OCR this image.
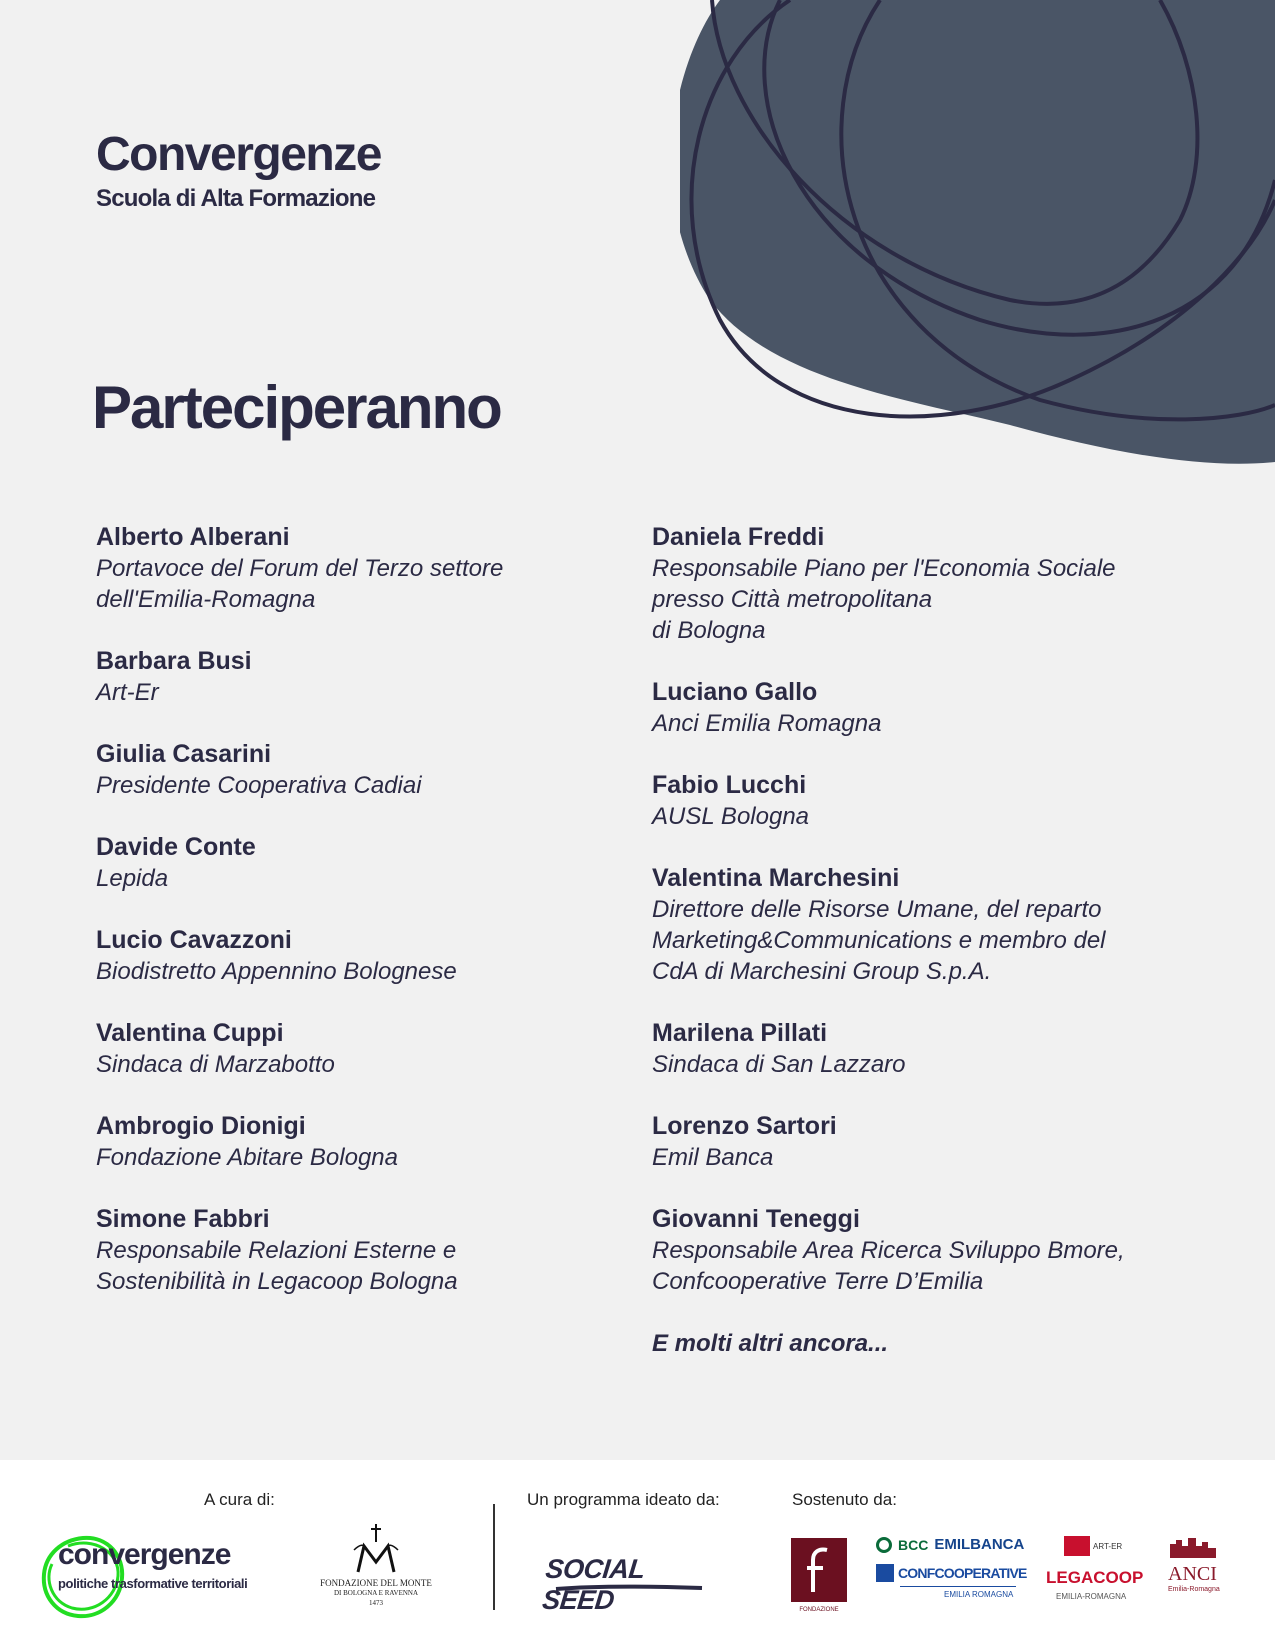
Convergenze
Scuola di Alta Formazione
Parteciperanno
Alberto Alberani
Portavoce del Forum del Terzo settore
dell'Emilia-Romagna
Barbara Busi
Art-Er
Giulia Casarini
Presidente Cooperativa Cadiai
Davide Conte
Lepida
Lucio Cavazzoni
Biodistretto Appennino Bolognese
Valentina Cuppi
Sindaca di Marzabotto
Ambrogio Dionigi
Fondazione Abitare Bologna
Simone Fabbri
Responsabile Relazioni Esterne e
Sostenibilità in Legacoop Bologna
Daniela Freddi
Responsabile Piano per l'Economia Sociale
presso Città metropolitana
di Bologna
Luciano Gallo
Anci Emilia Romagna
Fabio Lucchi
AUSL Bologna
Valentina Marchesini
Direttore delle Risorse Umane, del reparto
Marketing&Communications e membro del
CdA di Marchesini Group S.p.A.
Marilena Pillati
Sindaca di San Lazzaro
Lorenzo Sartori
Emil Banca
Giovanni Teneggi
Responsabile Area Ricerca Sviluppo Bmore,
Confcooperative Terre D’Emilia
E molti altri ancora...
A cura di:	Un programma ideato da:	Sostenuto da:
convergenze
politiche trasformative territoriali	FONDAZIONE DEL MONTE
DI BOLOGNA E RAVENNA
1473
SOCIAL SEED	FONDAZIONE
BCC EMILBANCA
CONFCOOPERATIVE
EMILIA ROMAGNA
ART-ER
LEGACOOP
EMILIA-ROMAGNA
ANCI
Emilia-Romagna
